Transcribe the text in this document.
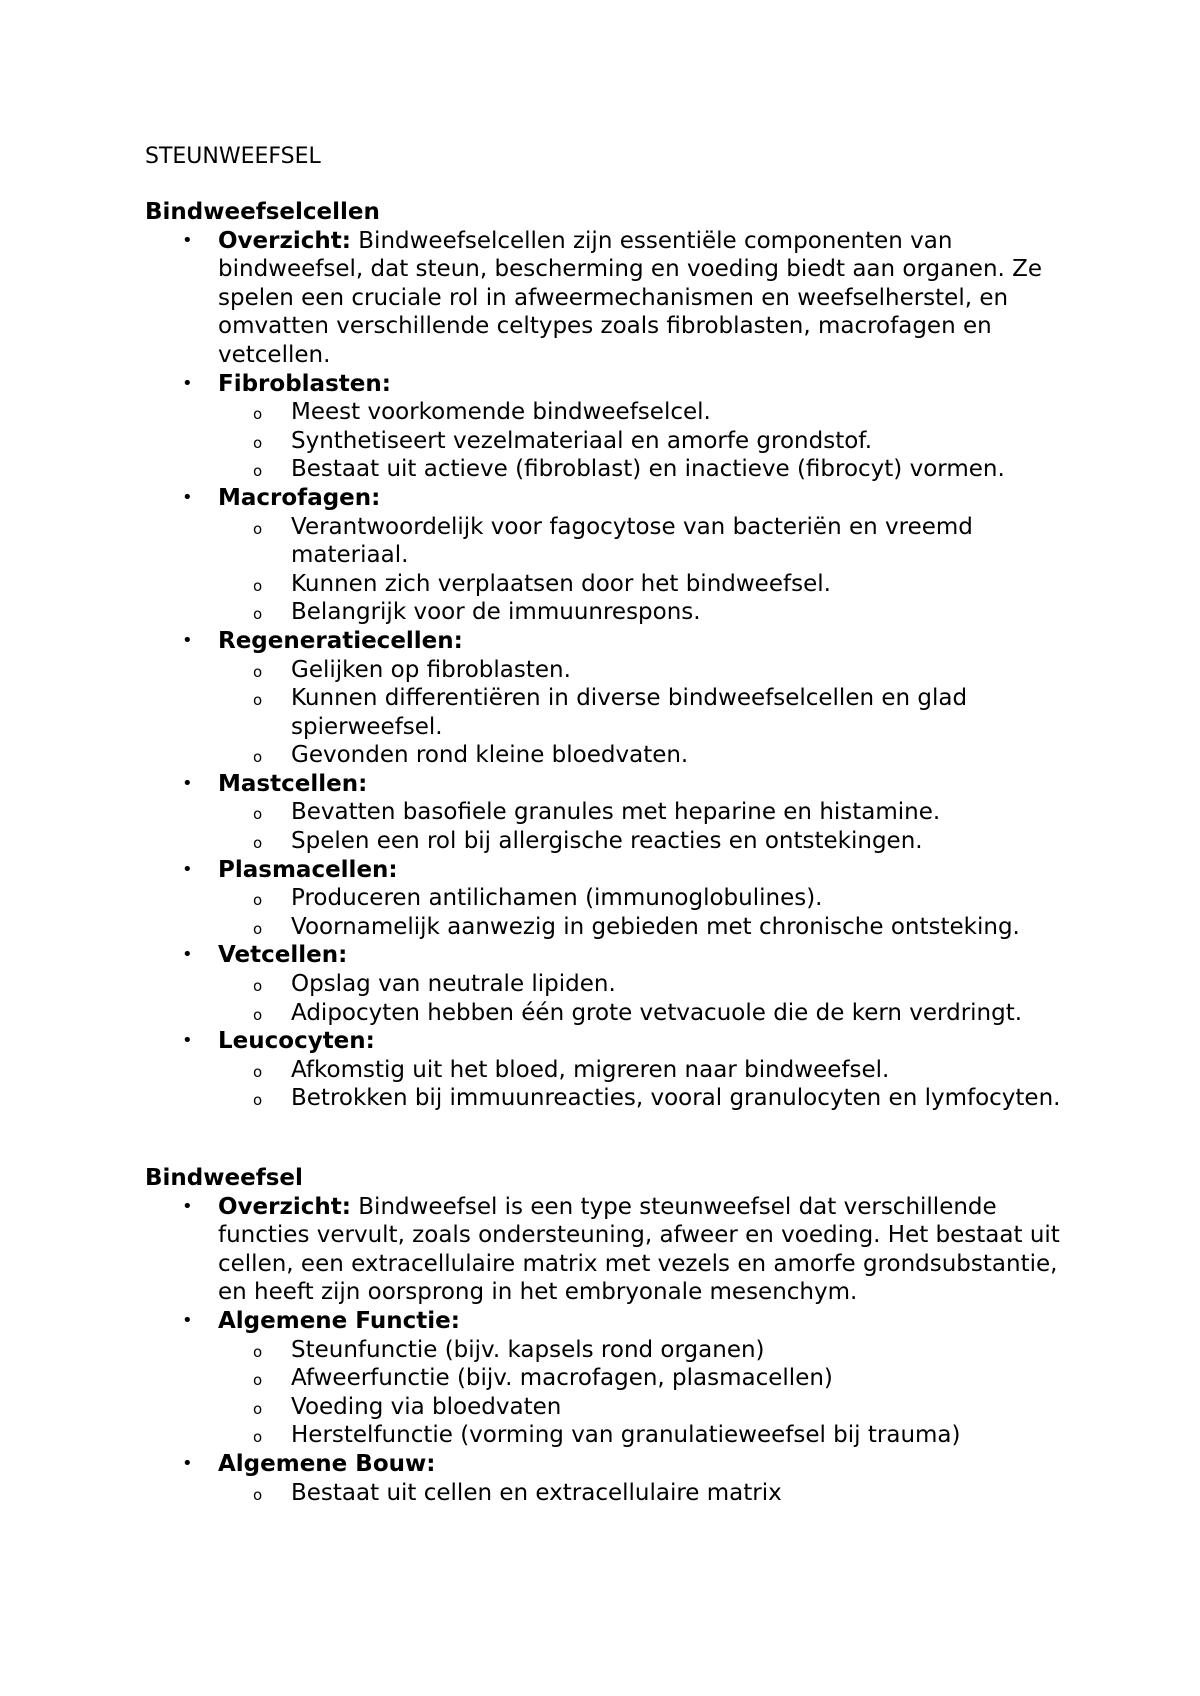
STEUNWEEFSEL
Bindweefselcellen
• Overzicht: Bindweefselcellen zijn essentiële componenten van bindweefsel, dat steun, bescherming en voeding biedt aan organen. Ze spelen een cruciale rol in afweermechanismen en weefselherstel, en omvatten verschillende celtypes zoals fibroblasten, macrofagen en vetcellen.
• Fibroblasten:
o Meest voorkomende bindweefselcel.
o Synthetiseert vezelmateriaal en amorfe grondstof.
o Bestaat uit actieve (fibroblast) en inactieve (fibrocyt) vormen.
• Macrofagen:
o Verantwoordelijk voor fagocytose van bacteriën en vreemd materiaal.
o Kunnen zich verplaatsen door het bindweefsel.
o Belangrijk voor de immuunrespons.
• Regeneratiecellen:
o Gelijken op fibroblasten.
o Kunnen differentiëren in diverse bindweefselcellen en glad spierweefsel.
o Gevonden rond kleine bloedvaten.
• Mastcellen:
o Bevatten basofiele granules met heparine en histamine.
o Spelen een rol bij allergische reacties en ontstekingen.
• Plasmacellen:
o Produceren antilichamen (immunoglobulines).
o Voornamelijk aanwezig in gebieden met chronische ontsteking.
• Vetcellen:
o Opslag van neutrale lipiden.
o Adipocyten hebben één grote vetvacuole die de kern verdringt.
• Leucocyten:
o Afkomstig uit het bloed, migreren naar bindweefsel.
o Betrokken bij immuunreacties, vooral granulocyten en lymfocyten.
Bindweefsel
• Overzicht: Bindweefsel is een type steunweefsel dat verschillende functies vervult, zoals ondersteuning, afweer en voeding. Het bestaat uit cellen, een extracellulaire matrix met vezels en amorfe grondsubstantie, en heeft zijn oorsprong in het embryonale mesenchym.
• Algemene Functie:
o Steunfunctie (bijv. kapsels rond organen)
o Afweerfunctie (bijv. macrofagen, plasmacellen)
o Voeding via bloedvaten
o Herstelfunctie (vorming van granulatieweefsel bij trauma)
• Algemene Bouw:
o Bestaat uit cellen en extracellulaire matrix
